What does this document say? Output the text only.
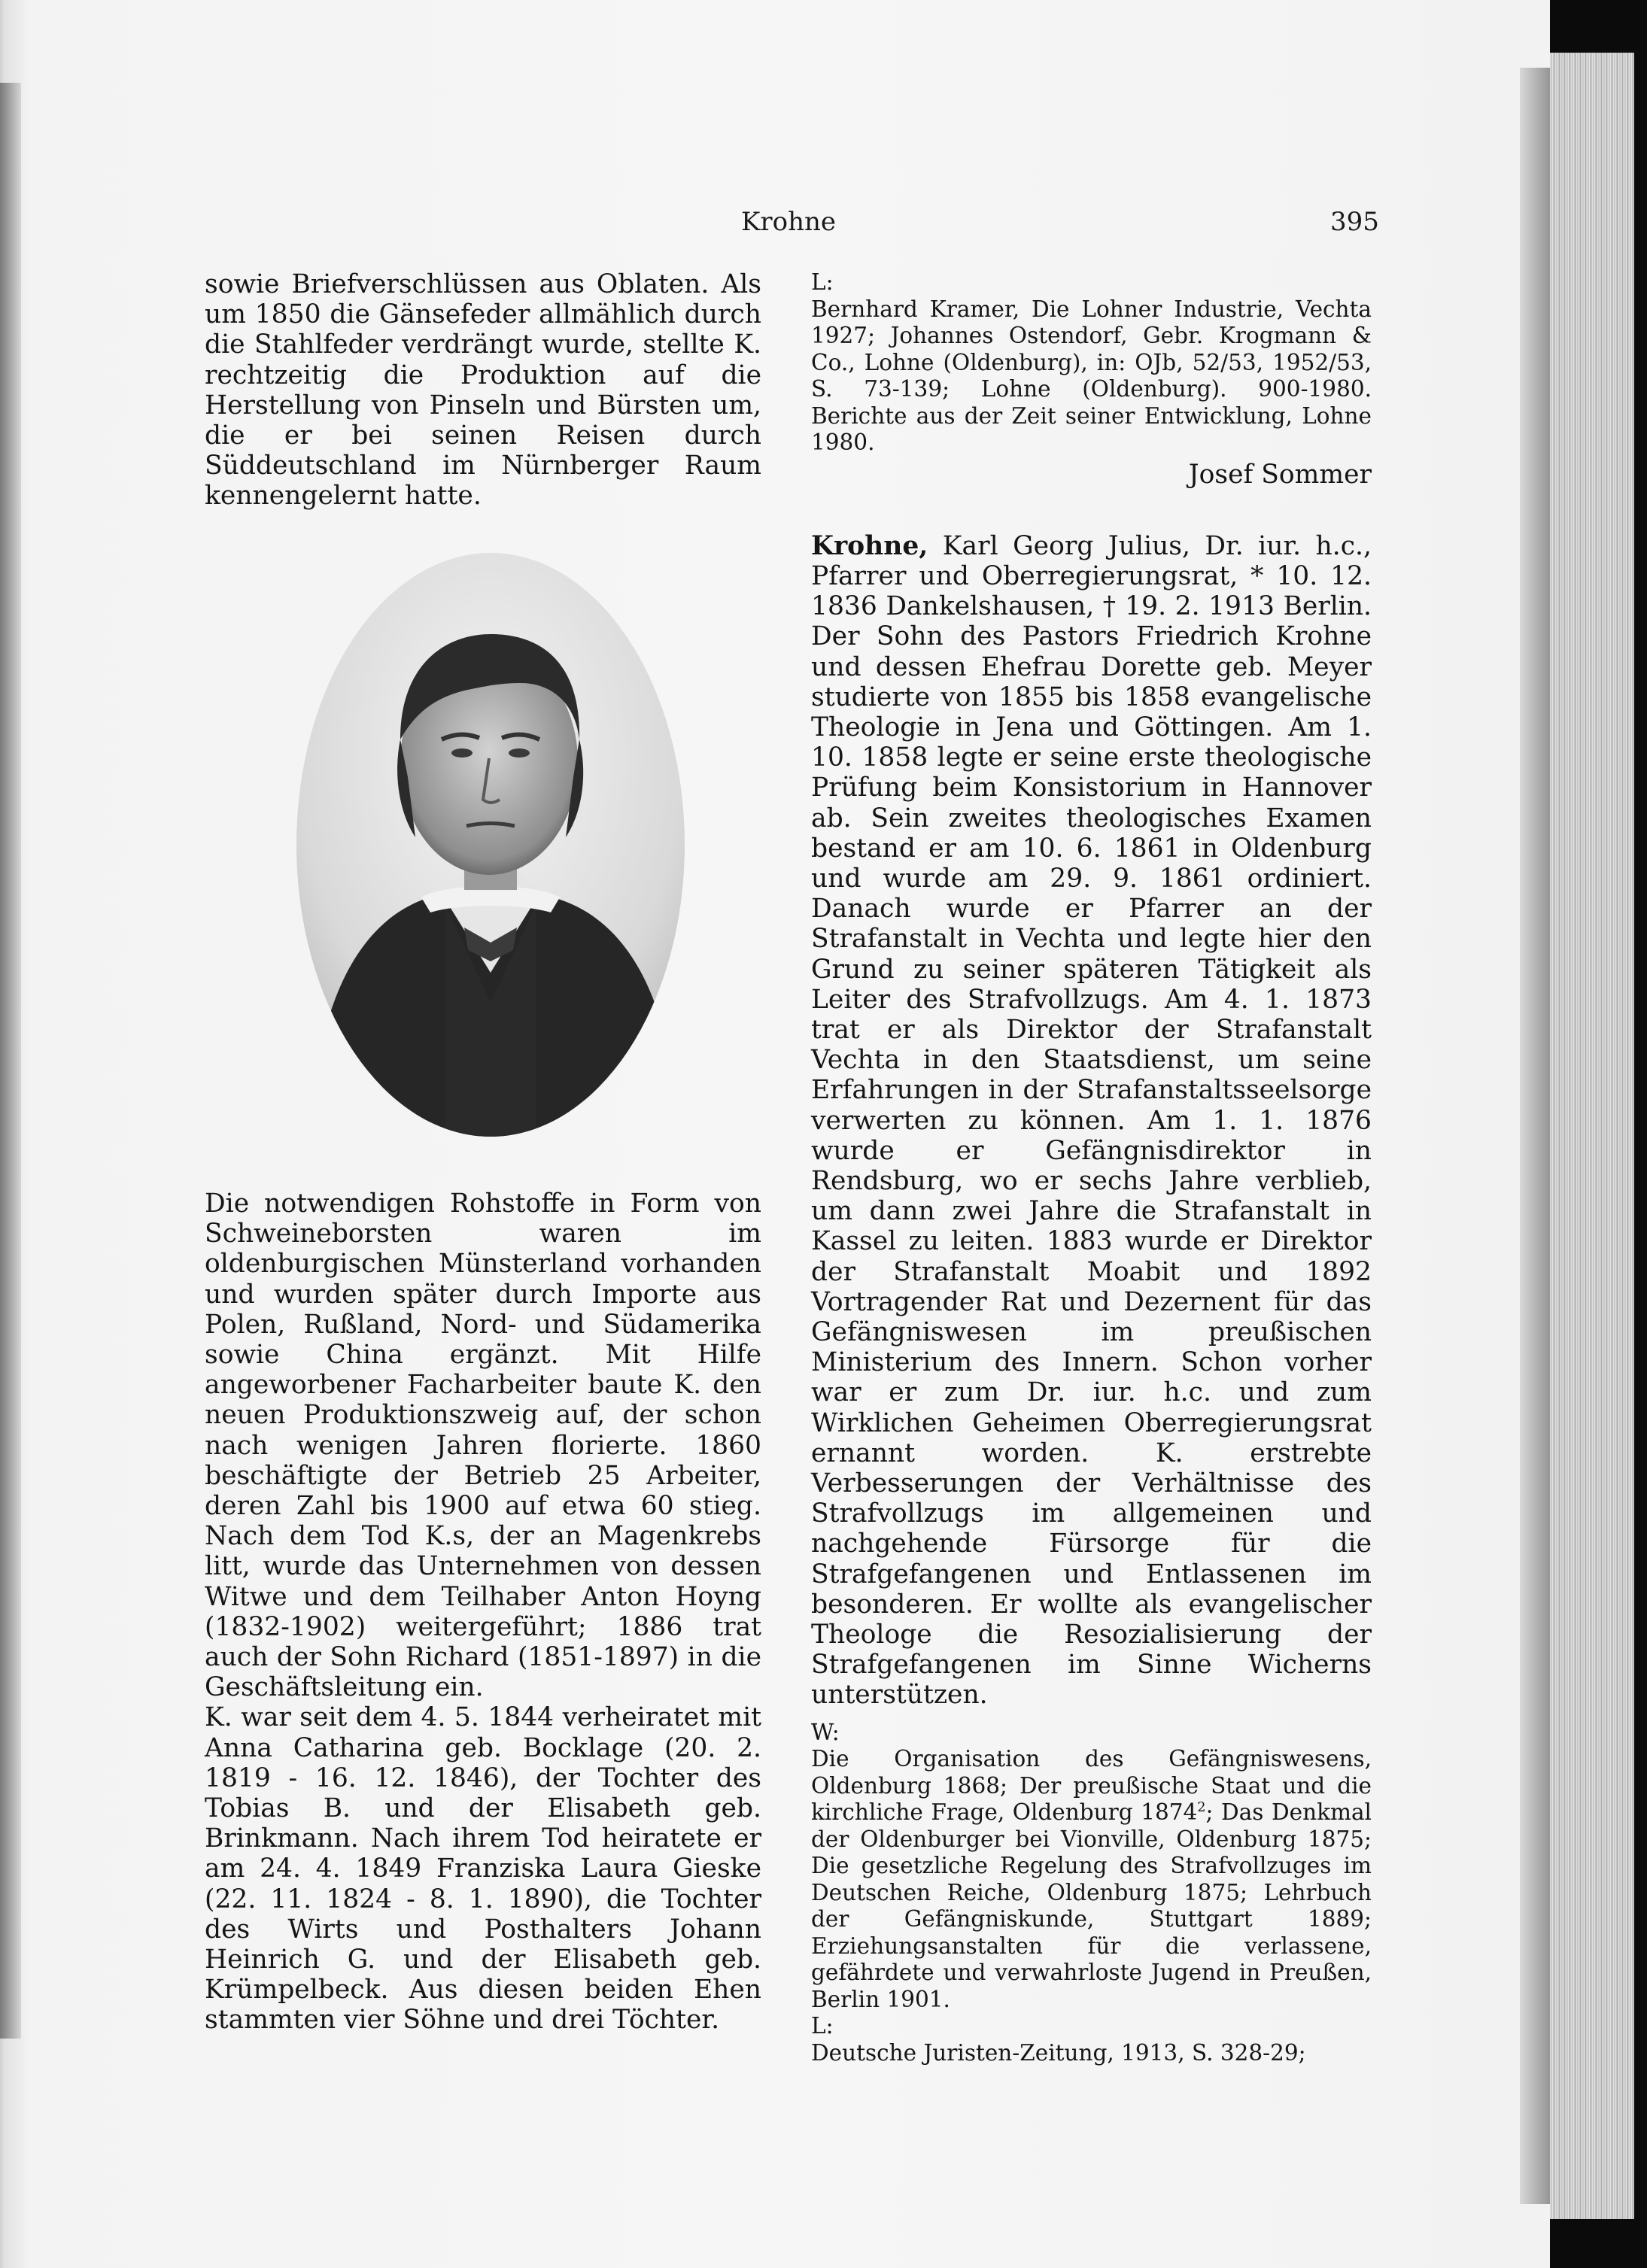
Krohne	395

sowie Briefverschlüssen aus Oblaten. Als um 1850 die Gänsefeder allmählich durch die Stahlfeder verdrängt wurde, stellte K. rechtzeitig die Produktion auf die Herstellung von Pinseln und Bürsten um, die er bei seinen Reisen durch Süddeutschland im Nürnberger Raum kennengelernt hatte.

Die notwendigen Rohstoffe in Form von Schweineborsten waren im oldenburgischen Münsterland vorhanden und wurden später durch Importe aus Polen, Rußland, Nord- und Südamerika sowie China ergänzt. Mit Hilfe angeworbener Facharbeiter baute K. den neuen Produktionszweig auf, der schon nach wenigen Jahren florierte. 1860 beschäftigte der Betrieb 25 Arbeiter, deren Zahl bis 1900 auf etwa 60 stieg. Nach dem Tod K.s, der an Magenkrebs litt, wurde das Unternehmen von dessen Witwe und dem Teilhaber Anton Hoyng (1832-1902) weitergeführt; 1886 trat auch der Sohn Richard (1851-1897) in die Geschäftsleitung ein.

K. war seit dem 4. 5. 1844 verheiratet mit Anna Catharina geb. Bocklage (20. 2. 1819 - 16. 12. 1846), der Tochter des Tobias B. und der Elisabeth geb. Brinkmann. Nach ihrem Tod heiratete er am 24. 4. 1849 Franziska Laura Gieske (22. 11. 1824 - 8. 1. 1890), die Tochter des Wirts und Posthalters Johann Heinrich G. und der Elisabeth geb. Krümpelbeck. Aus diesen beiden Ehen stammten vier Söhne und drei Töchter.

L:
Bernhard Kramer, Die Lohner Industrie, Vechta 1927; Johannes Ostendorf, Gebr. Krogmann & Co., Lohne (Oldenburg), in: OJb, 52/53, 1952/53, S. 73-139; Lohne (Oldenburg). 900-1980. Berichte aus der Zeit seiner Entwicklung, Lohne 1980.
Josef Sommer

Krohne, Karl Georg Julius, Dr. iur. h.c., Pfarrer und Oberregierungsrat, * 10. 12. 1836 Dankelshausen, † 19. 2. 1913 Berlin. Der Sohn des Pastors Friedrich Krohne und dessen Ehefrau Dorette geb. Meyer studierte von 1855 bis 1858 evangelische Theologie in Jena und Göttingen. Am 1. 10. 1858 legte er seine erste theologische Prüfung beim Konsistorium in Hannover ab. Sein zweites theologisches Examen bestand er am 10. 6. 1861 in Oldenburg und wurde am 29. 9. 1861 ordiniert. Danach wurde er Pfarrer an der Strafanstalt in Vechta und legte hier den Grund zu seiner späteren Tätigkeit als Leiter des Strafvollzugs. Am 4. 1. 1873 trat er als Direktor der Strafanstalt Vechta in den Staatsdienst, um seine Erfahrungen in der Strafanstaltsseelsorge verwerten zu können. Am 1. 1. 1876 wurde er Gefängnisdirektor in Rendsburg, wo er sechs Jahre verblieb, um dann zwei Jahre die Strafanstalt in Kassel zu leiten. 1883 wurde er Direktor der Strafanstalt Moabit und 1892 Vortragender Rat und Dezernent für das Gefängniswesen im preußischen Ministerium des Innern. Schon vorher war er zum Dr. iur. h.c. und zum Wirklichen Geheimen Oberregierungsrat ernannt worden. K. erstrebte Verbesserungen der Verhältnisse des Strafvollzugs im allgemeinen und nachgehende Fürsorge für die Strafgefangenen und Entlassenen im besonderen. Er wollte als evangelischer Theologe die Resozialisierung der Strafgefangenen im Sinne Wicherns unterstützen.

W:
Die Organisation des Gefängniswesens, Oldenburg 1868; Der preußische Staat und die kirchliche Frage, Oldenburg 1874$^2$; Das Denkmal der Oldenburger bei Vionville, Oldenburg 1875; Die gesetzliche Regelung des Strafvollzuges im Deutschen Reiche, Oldenburg 1875; Lehrbuch der Gefängniskunde, Stuttgart 1889; Erziehungsanstalten für die verlassene, gefährdete und verwahrloste Jugend in Preußen, Berlin 1901.
L:
Deutsche Juristen-Zeitung, 1913, S. 328-29;
